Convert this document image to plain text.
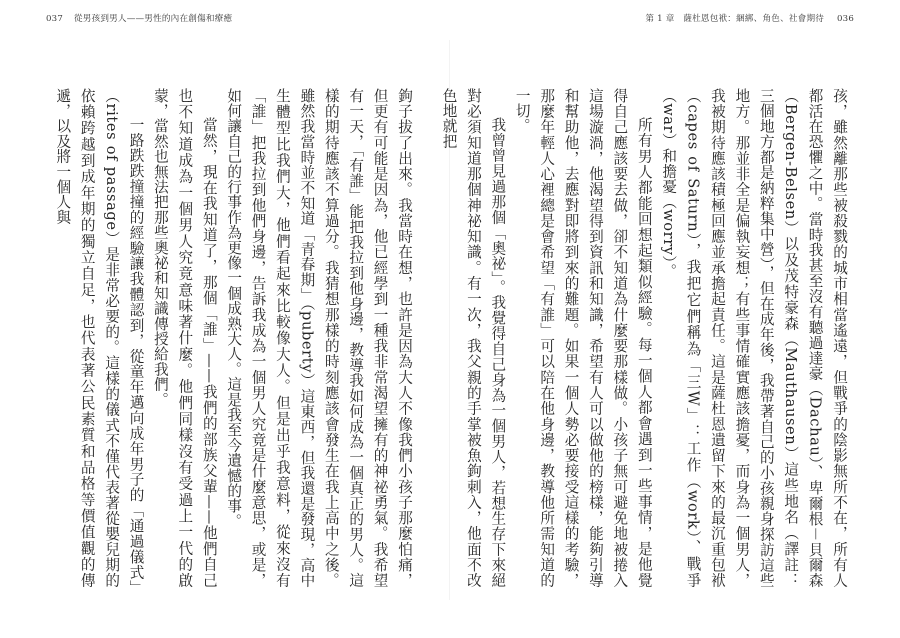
037 從男孩到男人——男性的內在創傷和療癒	第 1 章　薩杜恩包袱：綑綁、角色、社會期待 036

孩，雖然離那些被殺戮的城市相當遙遠，但戰爭的陰影無所不在，所有人都活在恐懼之中。當時我甚至沒有聽過達豪（Dachau）、卑爾根－貝爾森（Bergen-Belsen）以及茂特豪森（Mauthausen）這些地名（譯註：三個地方都是納粹集中營），但在成年後，我帶著自己的小孩親身探訪這些地方。那並非全是偏執妄想；有些事情確實應該擔憂，而身為一個男人，我被期待應該積極回應並承擔起責任。這是薩杜恩遺留下來的最沉重包袱（capes of Saturn），我把它們稱為「三W」：工作（work）、戰爭（war）和擔憂（worry）。

所有男人都能回想起類似經驗。每一個人都會遇到一些事情，是他覺得自己應該要去做，卻不知道為什麼要那樣做。小孩子無可避免地被捲入這場漩渦，他渴望得到資訊和知識，希望有人可以做他的榜樣，能夠引導和幫助他，去應對即將到來的難題。如果一個人勢必要接受這樣的考驗，那麼年輕人心裡總是會希望「有誰」可以陪在他身邊，教導他所需知道的一切。

我曾曾見過那個「奧祕」。我覺得自己身為一個男人，若想生存下來絕對必須知道那個神祕知識。有一次，我父親的手掌被魚鉤刺入，他面不改色地就把

鉤子拔了出來。我當時在想，也許是因為大人不像我們小孩子那麼怕痛，但更有可能是因為，他已經學到一種我非常渴望擁有的神祕勇氣。我希望有一天，「有誰」能把我拉到他身邊，教導我如何成為一個真正的男人。這樣的期待應該不算過分。我猜想那樣的時刻應該會發生在我上高中之後。雖然我當時並不知道「青春期」（puberty）這東西，但我還是發現，高中生體型比我們大，他們看起來比較像大人。但是出乎我意料，從來沒有「誰」把我拉到他們身邊，告訴我成為一個男人究竟是什麼意思，或是，如何讓自己的行事作為更像一個成熟大人。這是我至今遺憾的事。

當然，現在我知道了，那個「誰」——我們的部族父輩——他們自己也不知道成為一個男人究竟意味著什麼。他們同樣沒有受過上一代的啟蒙，當然也無法把那些奧祕和知識傳授給我們。

一路跌跌撞撞的經驗讓我體認到，從童年邁向成年男子的「通過儀式」（rites of passage）是非常必要的。這樣的儀式不僅代表著從嬰兒期的依賴跨越到成年期的獨立自足，也代表著公民素質和品格等價值觀的傳遞，以及將一個人與
